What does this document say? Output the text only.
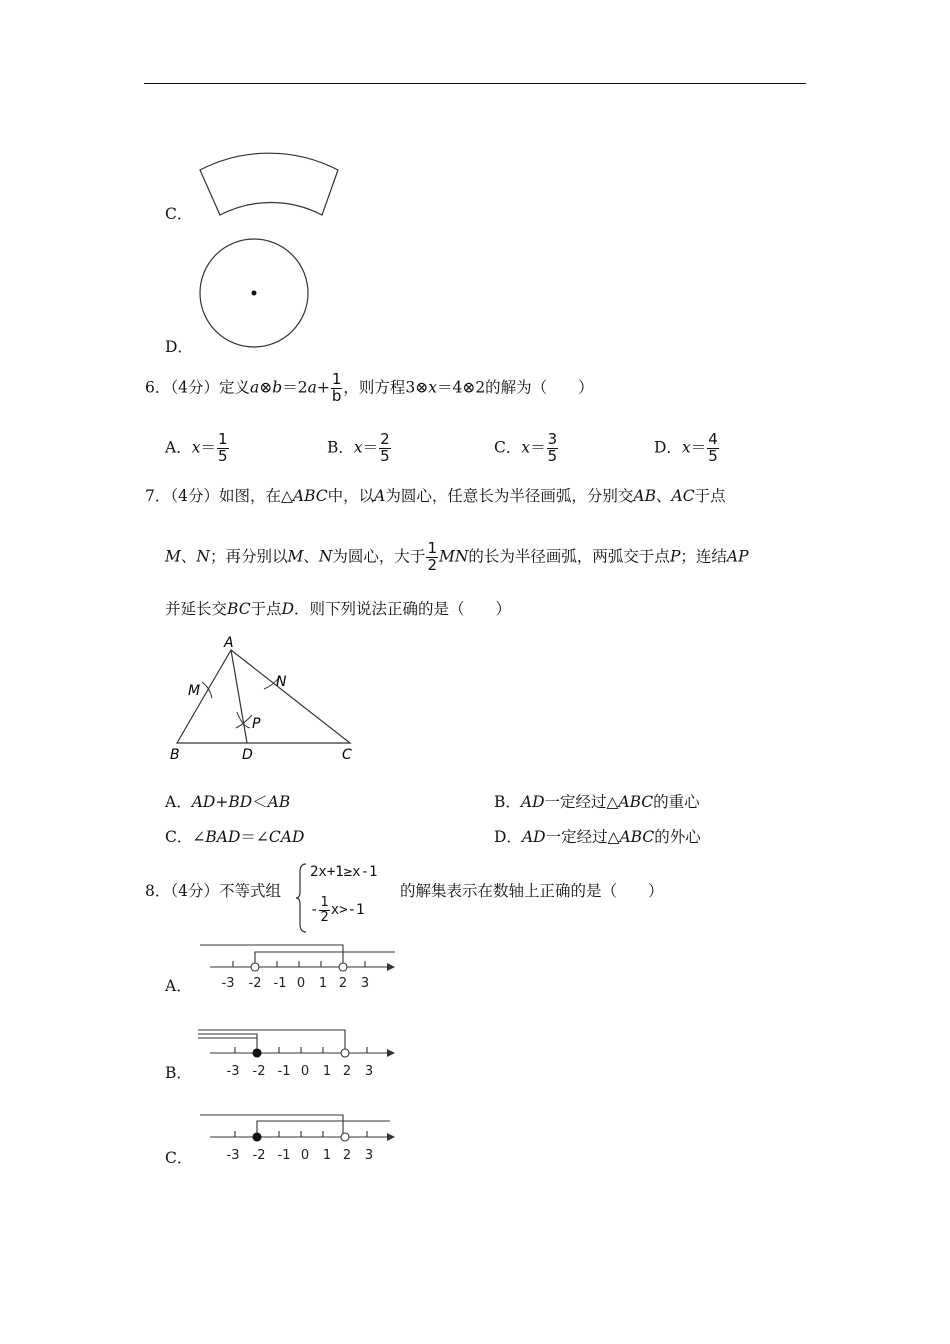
C．
D．
6．（4分）定义a⊗b＝2a+ $\frac{1}{b}$ ，则方程3⊗x＝4⊗2的解为（　　）
A．$x= \frac{1}{5}$	B．$x= \frac{2}{5}$	C．$x= \frac{3}{5}$	D．$x= \frac{4}{5}$
7．（4分）如图，在△ABC中，以A为圆心，任意长为半径画弧，分别交AB、AC于点
M、N；再分别以M、N为圆心，大于 $\frac{1}{2}$ MN的长为半径画弧，两弧交于点P；连结AP
并延长交BC于点D．则下列说法正确的是（　　）
A
B	C
D
M
N
P
A．AD+BD＜AB	B．AD一定经过△ABC的重心
C．∠BAD＝∠CAD	D．AD一定经过△ABC的外心
8．（4分）不等式组
2x+1≥x-1
- $\frac{1}{2} x>-1$
的解集表示在数轴上正确的是（　　）
-3 -2 -1 0 1 2 3
A．
-3 -2 -1 0 1 2 3
B．
-3 -2 -1 0 1 2 3
C．
